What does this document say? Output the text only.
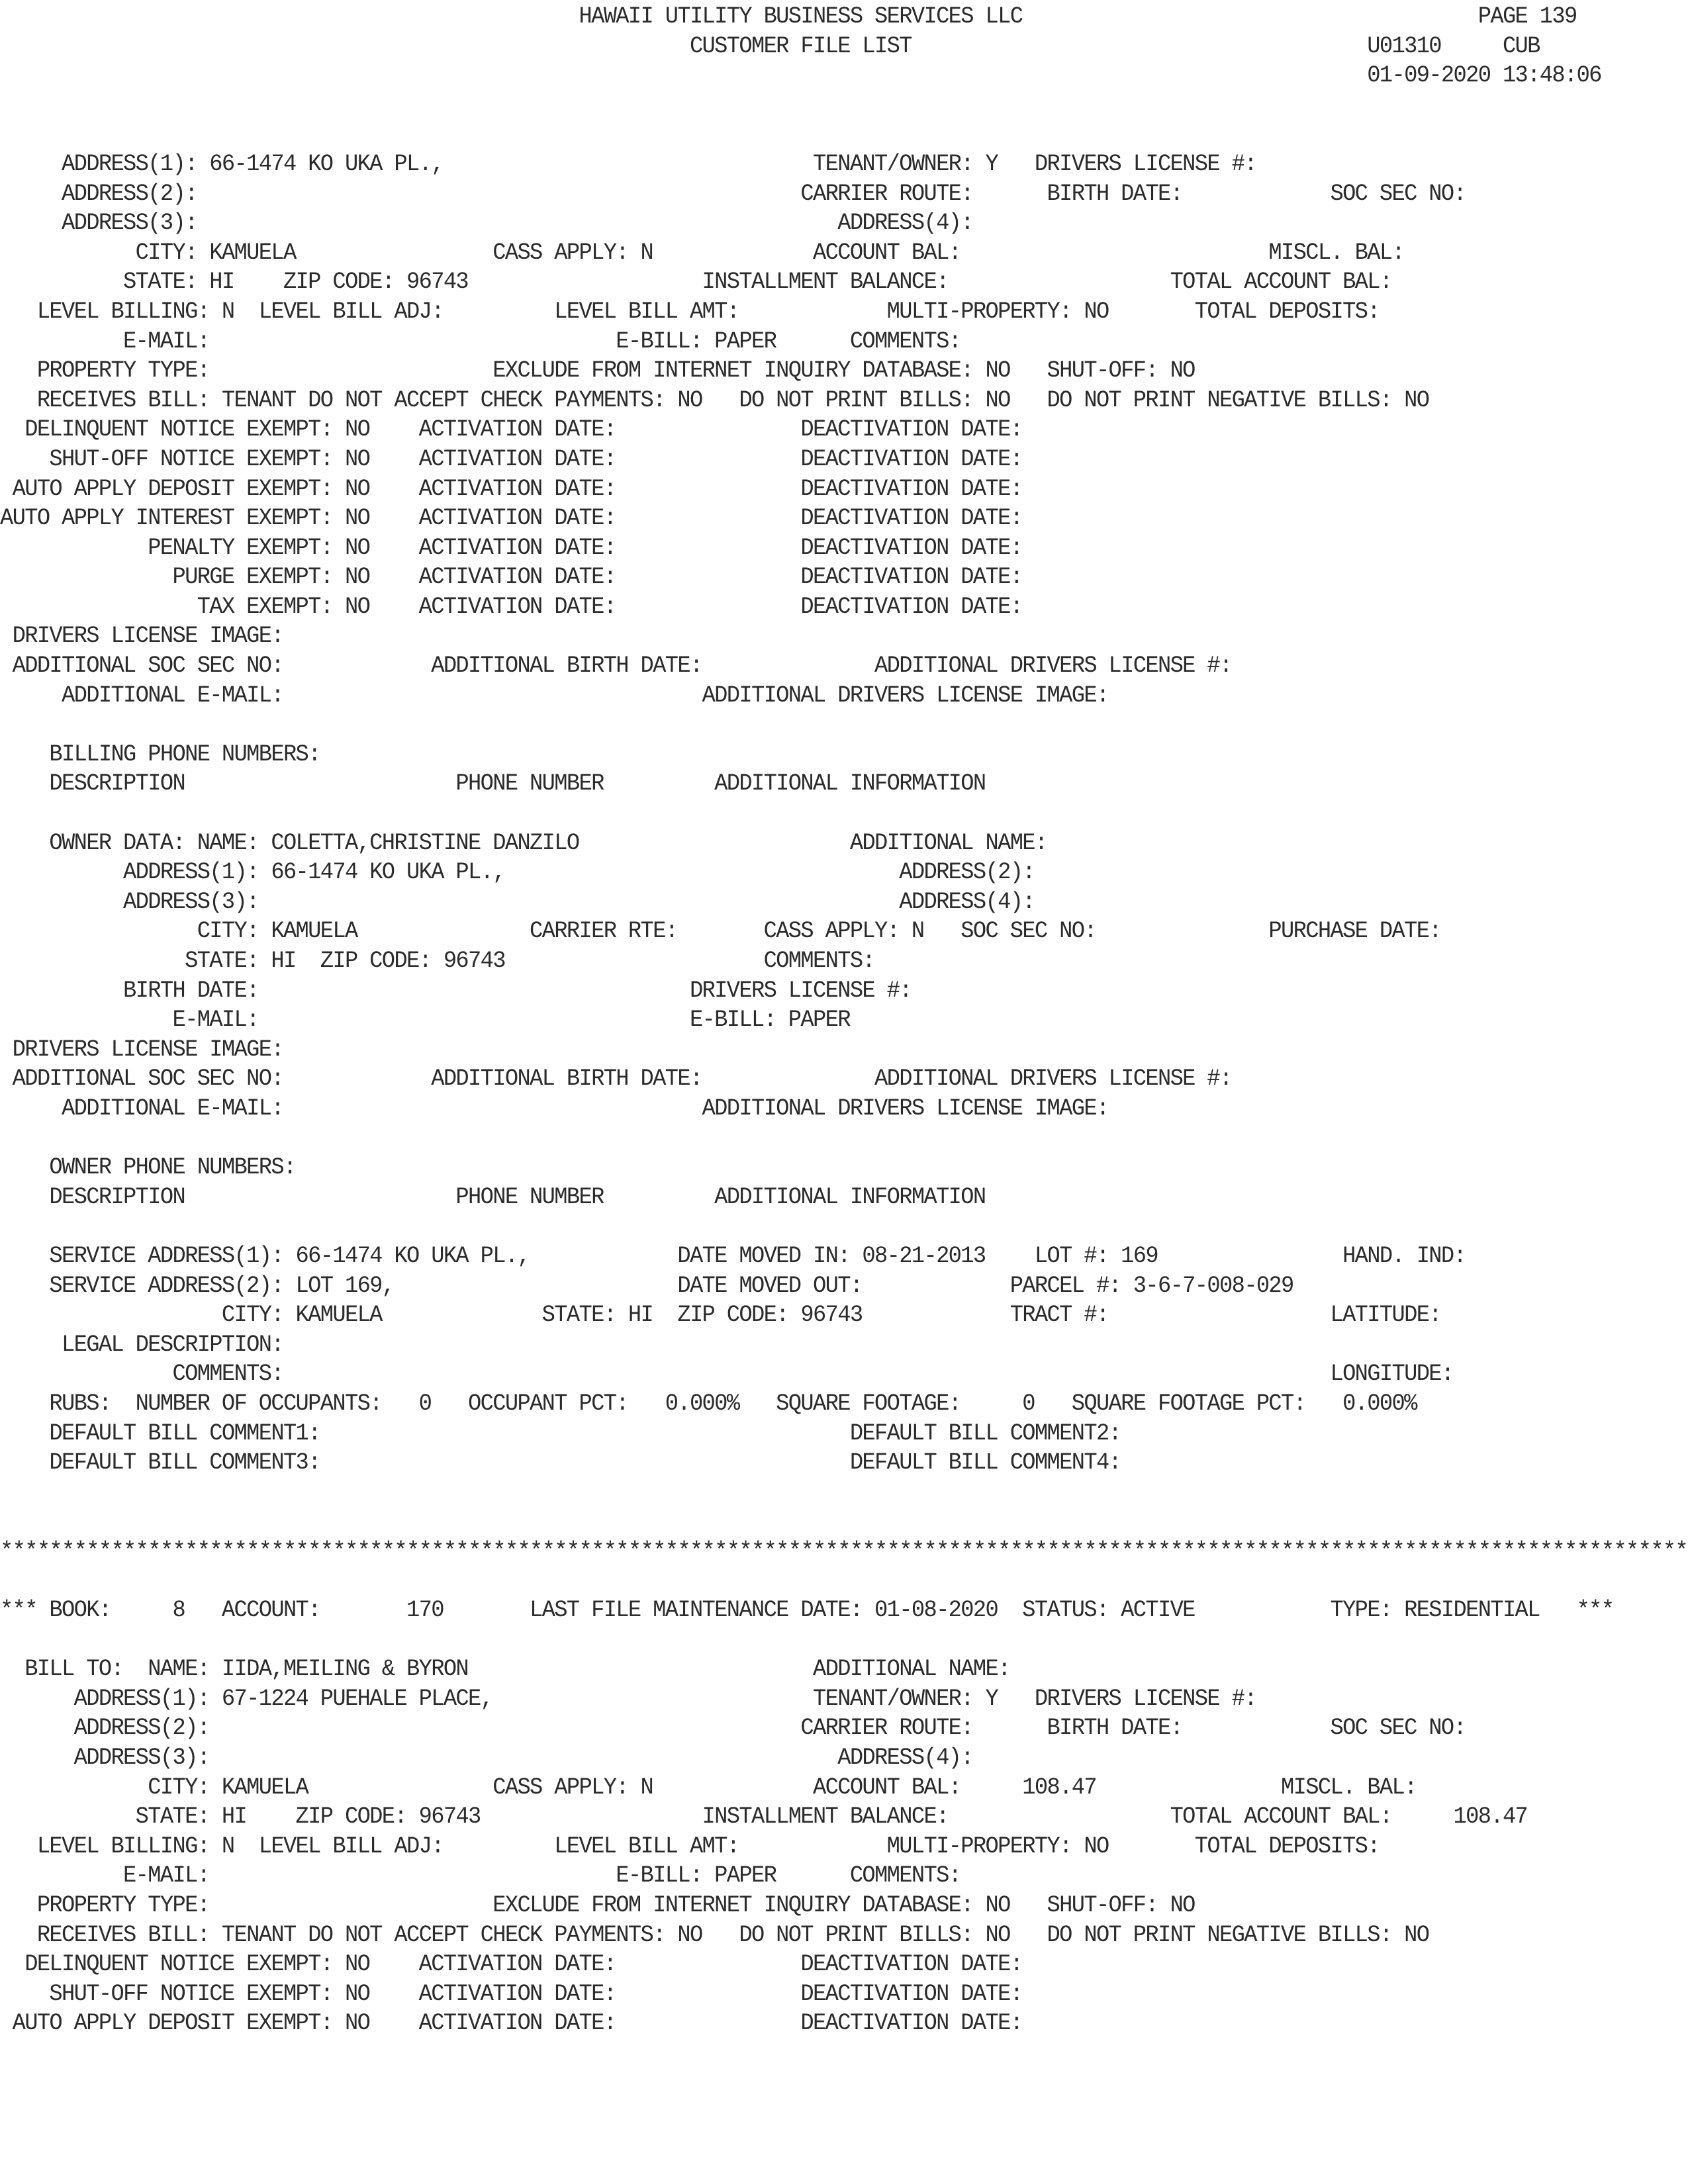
HAWAII UTILITY BUSINESS SERVICES LLC                                     PAGE 139
CUSTOMER FILE LIST                                     U01310     CUB
01-09-2020 13:48:06
ADDRESS(1): 66-1474 KO UKA PL.,                              TENANT/OWNER: Y   DRIVERS LICENSE #:
ADDRESS(2):                                                 CARRIER ROUTE:      BIRTH DATE:            SOC SEC NO:
ADDRESS(3):                                                    ADDRESS(4):
CITY: KAMUELA                CASS APPLY: N             ACCOUNT BAL:                         MISCL. BAL:
STATE: HI    ZIP CODE: 96743                   INSTALLMENT BALANCE:                  TOTAL ACCOUNT BAL:
LEVEL BILLING: N  LEVEL BILL ADJ:         LEVEL BILL AMT:            MULTI-PROPERTY: NO       TOTAL DEPOSITS:
E-MAIL:                                 E-BILL: PAPER      COMMENTS:
PROPERTY TYPE:                       EXCLUDE FROM INTERNET INQUIRY DATABASE: NO   SHUT-OFF: NO
RECEIVES BILL: TENANT DO NOT ACCEPT CHECK PAYMENTS: NO   DO NOT PRINT BILLS: NO   DO NOT PRINT NEGATIVE BILLS: NO
DELINQUENT NOTICE EXEMPT: NO    ACTIVATION DATE:               DEACTIVATION DATE:
SHUT-OFF NOTICE EXEMPT: NO    ACTIVATION DATE:               DEACTIVATION DATE:
AUTO APPLY DEPOSIT EXEMPT: NO    ACTIVATION DATE:               DEACTIVATION DATE:
AUTO APPLY INTEREST EXEMPT: NO    ACTIVATION DATE:               DEACTIVATION DATE:
PENALTY EXEMPT: NO    ACTIVATION DATE:               DEACTIVATION DATE:
PURGE EXEMPT: NO    ACTIVATION DATE:               DEACTIVATION DATE:
TAX EXEMPT: NO    ACTIVATION DATE:               DEACTIVATION DATE:
DRIVERS LICENSE IMAGE:
ADDITIONAL SOC SEC NO:            ADDITIONAL BIRTH DATE:              ADDITIONAL DRIVERS LICENSE #:
ADDITIONAL E-MAIL:                                  ADDITIONAL DRIVERS LICENSE IMAGE:
BILLING PHONE NUMBERS:
DESCRIPTION                      PHONE NUMBER         ADDITIONAL INFORMATION
OWNER DATA: NAME: COLETTA,CHRISTINE DANZILO                      ADDITIONAL NAME:
ADDRESS(1): 66-1474 KO UKA PL.,                                ADDRESS(2):
ADDRESS(3):                                                    ADDRESS(4):
CITY: KAMUELA              CARRIER RTE:       CASS APPLY: N   SOC SEC NO:              PURCHASE DATE:
STATE: HI  ZIP CODE: 96743                     COMMENTS:
BIRTH DATE:                                   DRIVERS LICENSE #:
E-MAIL:                                   E-BILL: PAPER
DRIVERS LICENSE IMAGE:
ADDITIONAL SOC SEC NO:            ADDITIONAL BIRTH DATE:              ADDITIONAL DRIVERS LICENSE #:
ADDITIONAL E-MAIL:                                  ADDITIONAL DRIVERS LICENSE IMAGE:
OWNER PHONE NUMBERS:
DESCRIPTION                      PHONE NUMBER         ADDITIONAL INFORMATION
SERVICE ADDRESS(1): 66-1474 KO UKA PL.,            DATE MOVED IN: 08-21-2013    LOT #: 169               HAND. IND:
SERVICE ADDRESS(2): LOT 169,                       DATE MOVED OUT:            PARCEL #: 3-6-7-008-029
CITY: KAMUELA             STATE: HI  ZIP CODE: 96743            TRACT #:                  LATITUDE:
LEGAL DESCRIPTION:
COMMENTS:                                                                                     LONGITUDE:
RUBS:  NUMBER OF OCCUPANTS:   0   OCCUPANT PCT:   0.000%   SQUARE FOOTAGE:     0   SQUARE FOOTAGE PCT:   0.000%
DEFAULT BILL COMMENT1:                                           DEFAULT BILL COMMENT2:
DEFAULT BILL COMMENT3:                                           DEFAULT BILL COMMENT4:
*****************************************************************************************************************************************
*** BOOK:     8   ACCOUNT:       170       LAST FILE MAINTENANCE DATE: 01-08-2020  STATUS: ACTIVE           TYPE: RESIDENTIAL   ***
BILL TO:  NAME: IIDA,MEILING & BYRON                            ADDITIONAL NAME:
ADDRESS(1): 67-1224 PUEHALE PLACE,                          TENANT/OWNER: Y   DRIVERS LICENSE #:
ADDRESS(2):                                                CARRIER ROUTE:      BIRTH DATE:            SOC SEC NO:
ADDRESS(3):                                                   ADDRESS(4):
CITY: KAMUELA               CASS APPLY: N             ACCOUNT BAL:     108.47               MISCL. BAL:
STATE: HI    ZIP CODE: 96743                  INSTALLMENT BALANCE:                  TOTAL ACCOUNT BAL:     108.47
LEVEL BILLING: N  LEVEL BILL ADJ:         LEVEL BILL AMT:            MULTI-PROPERTY: NO       TOTAL DEPOSITS:
E-MAIL:                                 E-BILL: PAPER      COMMENTS:
PROPERTY TYPE:                       EXCLUDE FROM INTERNET INQUIRY DATABASE: NO   SHUT-OFF: NO
RECEIVES BILL: TENANT DO NOT ACCEPT CHECK PAYMENTS: NO   DO NOT PRINT BILLS: NO   DO NOT PRINT NEGATIVE BILLS: NO
DELINQUENT NOTICE EXEMPT: NO    ACTIVATION DATE:               DEACTIVATION DATE:
SHUT-OFF NOTICE EXEMPT: NO    ACTIVATION DATE:               DEACTIVATION DATE:
AUTO APPLY DEPOSIT EXEMPT: NO    ACTIVATION DATE:               DEACTIVATION DATE:
